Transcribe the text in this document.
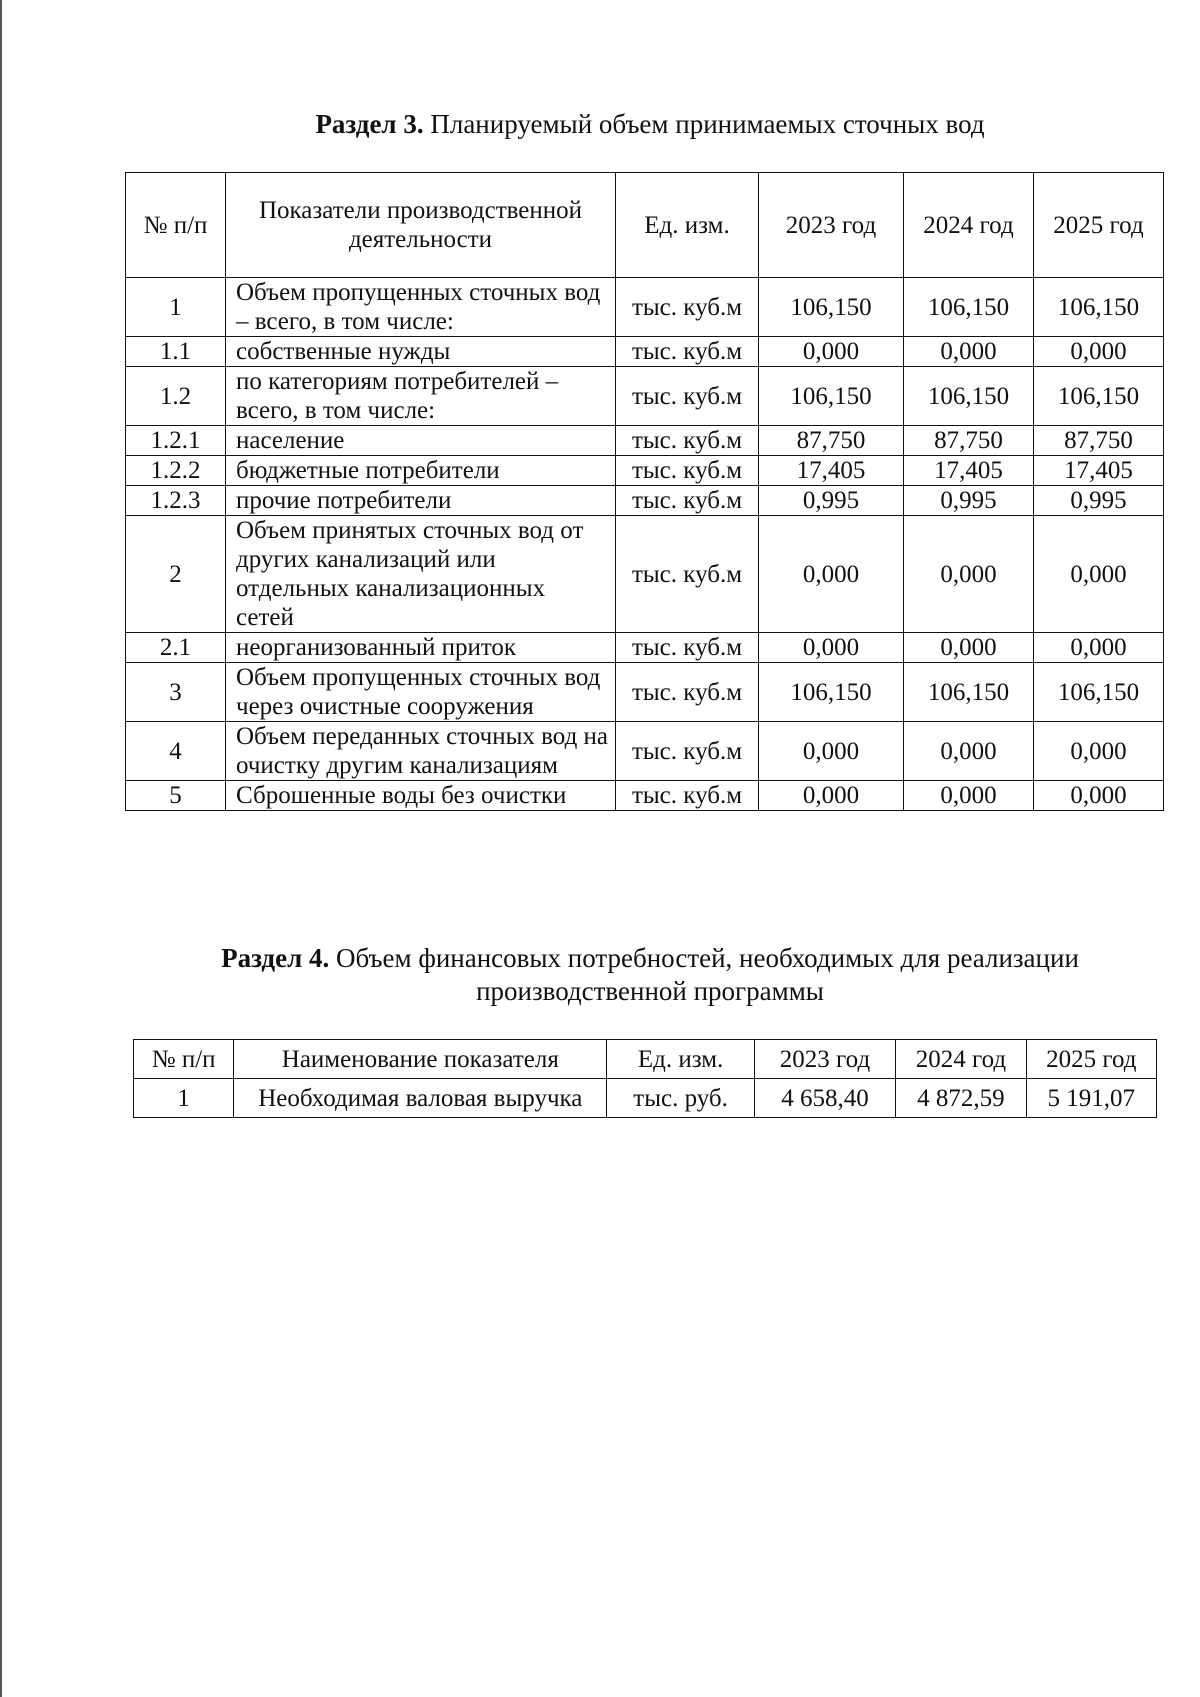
Раздел 3. Планируемый объем принимаемых сточных вод
№ п/п	Показатели производственной деятельности	Ед. изм.	2023 год	2024 год	2025 год
1	Объем пропущенных сточных вод – всего, в том числе:	тыс. куб.м	106,150	106,150	106,150
1.1	собственные нужды	тыс. куб.м	0,000	0,000	0,000
1.2	по категориям потребителей – всего, в том числе:	тыс. куб.м	106,150	106,150	106,150
1.2.1	население	тыс. куб.м	87,750	87,750	87,750
1.2.2	бюджетные потребители	тыс. куб.м	17,405	17,405	17,405
1.2.3	прочие потребители	тыс. куб.м	0,995	0,995	0,995
2	Объем принятых сточных вод от других канализаций или отдельных канализационных сетей	тыс. куб.м	0,000	0,000	0,000
2.1	неорганизованный приток	тыс. куб.м	0,000	0,000	0,000
3	Объем пропущенных сточных вод через очистные сооружения	тыс. куб.м	106,150	106,150	106,150
4	Объем переданных сточных вод на очистку другим канализациям	тыс. куб.м	0,000	0,000	0,000
5	Сброшенные воды без очистки	тыс. куб.м	0,000	0,000	0,000
Раздел 4. Объем финансовых потребностей, необходимых для реализации
производственной программы
№ п/п	Наименование показателя	Ед. изм.	2023 год	2024 год	2025 год
1	Необходимая валовая выручка	тыс. руб.	4 658,40	4 872,59	5 191,07
